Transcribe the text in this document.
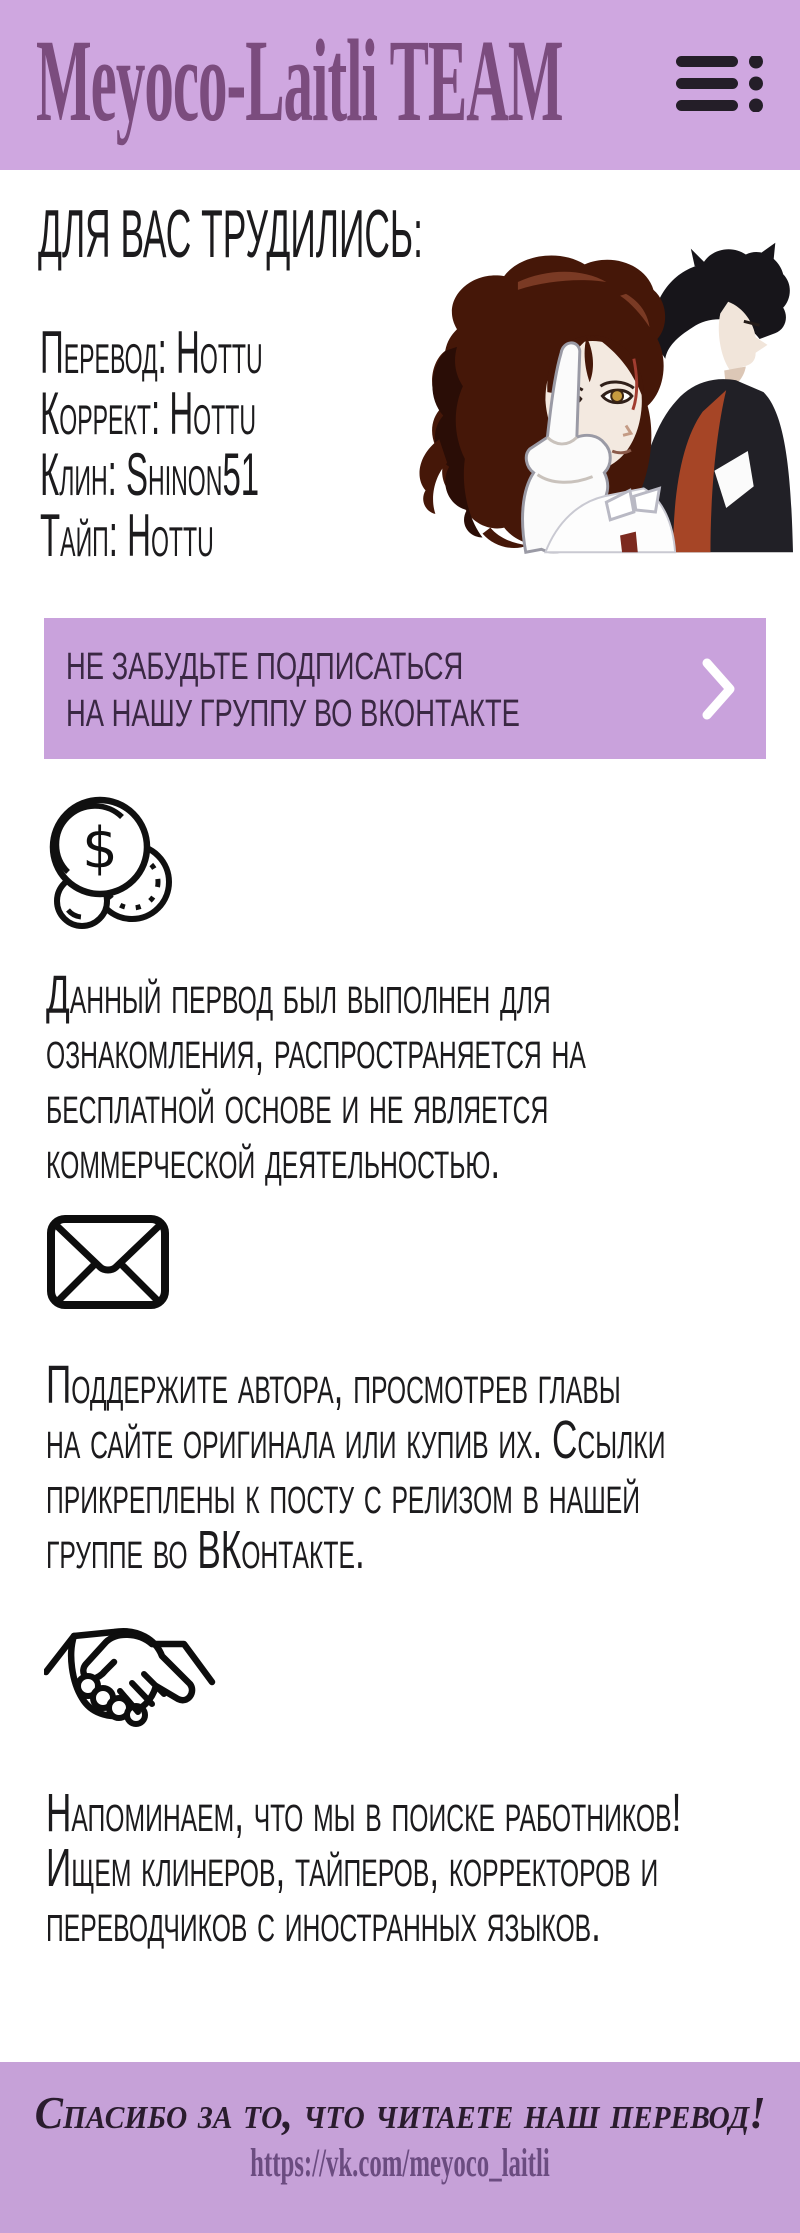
Meyoco-Laitli TEAM
ДЛЯ ВАС ТРУДИЛИСЬ:
Перевод: Hottu
Коррект: Hottu
Клин: Shinon51
Тайп: Hottu
НЕ ЗАБУДЬТЕ ПОДПИСАТЬСЯ
НА НАШУ ГРУППУ ВО ВКОНТАКТЕ
$
Данный первод был выполнен для
ознакомления, распространяется на
бесплатной основе и не является
коммерческой деятельностью.
Поддержите автора, просмотрев главы
на сайте оригинала или купив их. Ссылки
прикреплены к посту с релизом в нашей
группе во ВКонтакте.
Напоминаем, что мы в поиске работников!
Ищем клинеров, тайперов, корректоров и
переводчиков с иностранных языков.
Спасибо за то, что читаете наш перевод!
https://vk.com/meyoco_laitli
